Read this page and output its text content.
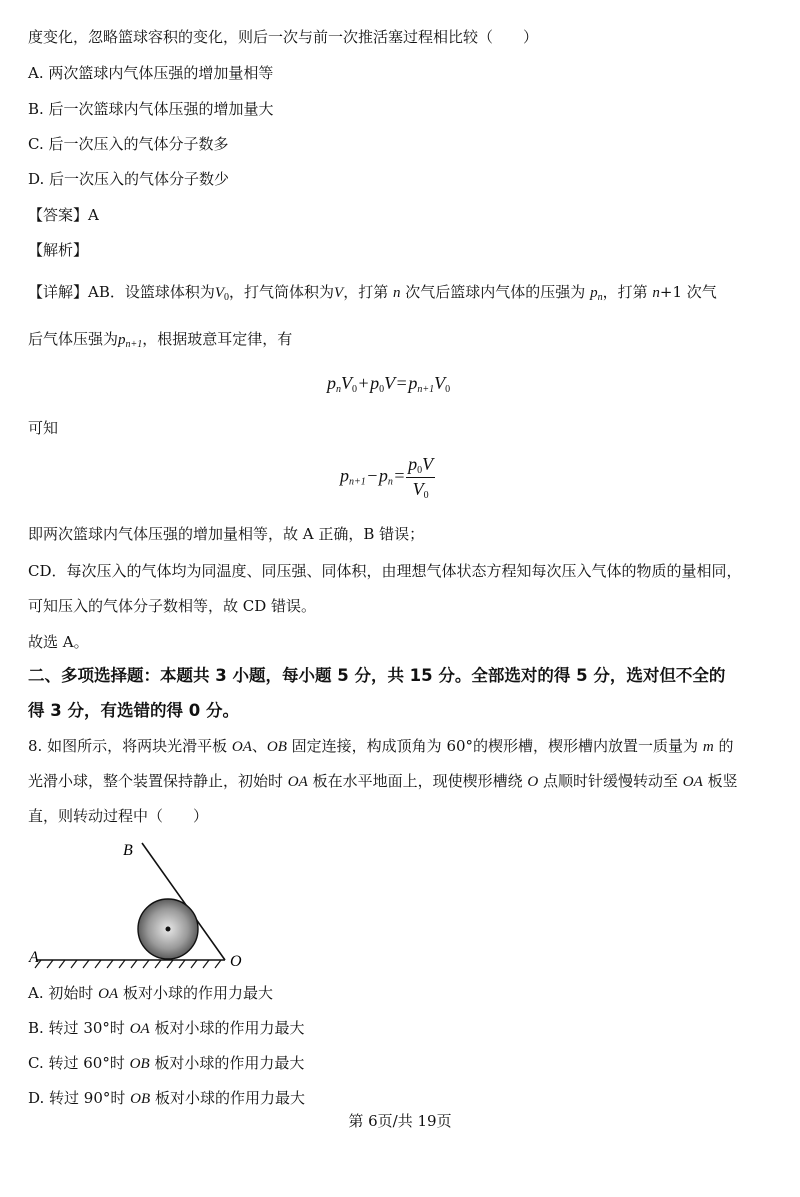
度变化，忽略篮球容积的变化，则后一次与前一次推活塞过程相比较（　　）
A. 两次篮球内气体压强的增加量相等
B. 后一次篮球内气体压强的增加量大
C. 后一次压入的气体分子数多
D. 后一次压入的气体分子数少
【答案】A
【解析】
【详解】AB．设篮球体积为$V_0$，打气筒体积为V，打第 n 次气后篮球内气体的压强为 $p_n$，打第 n+1 次气
后气体压强为$p_{n+1}$，根据玻意耳定律，有
$p_nV_0$ + $p_0V$ = $p_{n+1}V_0$
可知
$p_{n+1}$ − $p_n$ =  $\frac{p_0V}{V_0}$
即两次篮球内气体压强的增加量相等，故 A 正确，B 错误；
CD．每次压入的气体均为同温度、同压强、同体积，由理想气体状态方程知每次压入气体的物质的量相同，
可知压入的气体分子数相等，故 CD 错误。
故选 A。
二、多项选择题：本题共 3 小题，每小题 5 分，共 15 分。全部选对的得 5 分，选对但不全的
得 3 分，有选错的得 0 分。
8. 如图所示，将两块光滑平板 OA、OB 固定连接，构成顶角为 60°的楔形槽，楔形槽内放置一质量为 m 的
光滑小球，整个装置保持静止，初始时 OA 板在水平地面上，现使楔形槽绕 O 点顺时针缓慢转动至 OA 板竖
直，则转动过程中（　　）
A
B
O
A. 初始时 OA 板对小球的作用力最大
B. 转过 30°时 OA 板对小球的作用力最大
C. 转过 60°时 OB 板对小球的作用力最大
D. 转过 90°时 OB 板对小球的作用力最大
第 6页/共 19页
